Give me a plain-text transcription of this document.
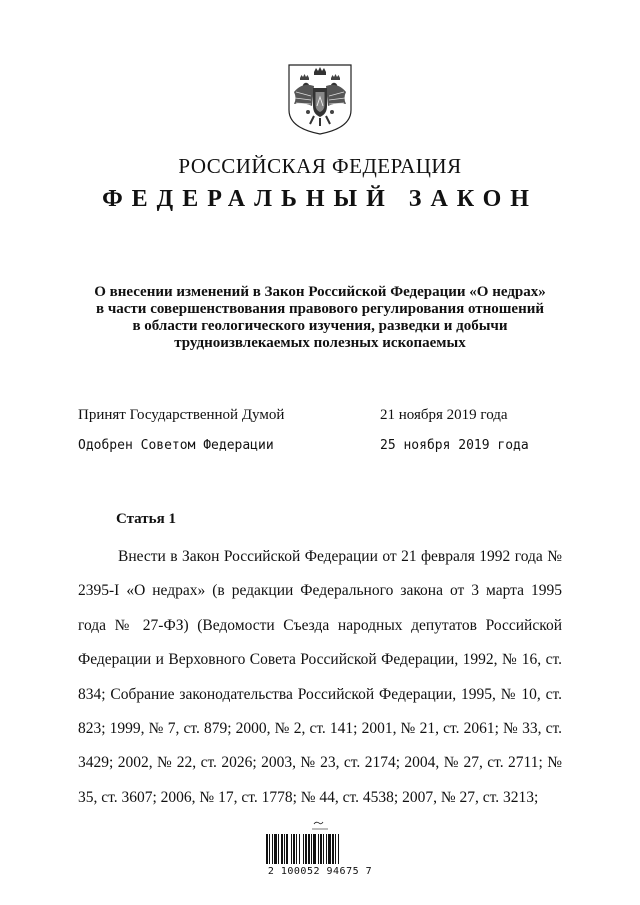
РОССИЙСКАЯ ФЕДЕРАЦИЯ
ФЕДЕРАЛЬНЫЙ ЗАКОН
О внесении изменений в Закон Российской Федерации «О недрах»
в части совершенствования правового регулирования отношений
в области геологического изучения, разведки и добычи
трудноизвлекаемых полезных ископаемых
Принят Государственной Думой	21 ноября 2019 года
Одобрен Советом Федерации	25 ноября 2019 года
Статья 1
Внести в Закон Российской Федерации от 21 февраля 1992 года № 2395-I «О недрах» (в редакции Федерального закона от 3 марта 1995 года № 27-ФЗ) (Ведомости Съезда народных депутатов Российской Федерации и Верховного Совета Российской Федерации, 1992, № 16, ст. 834; Собрание законодательства Российской Федерации, 1995, № 10, ст. 823; 1999, № 7, ст. 879; 2000, № 2, ст. 141; 2001, № 21, ст. 2061; № 33, ст. 3429; 2002, № 22, ст. 2026; 2003, № 23, ст. 2174; 2004, № 27, ст. 2711; № 35, ст. 3607; 2006, № 17, ст. 1778; № 44, ст. 4538; 2007, № 27, ст. 3213;
2 100052 94675 7
